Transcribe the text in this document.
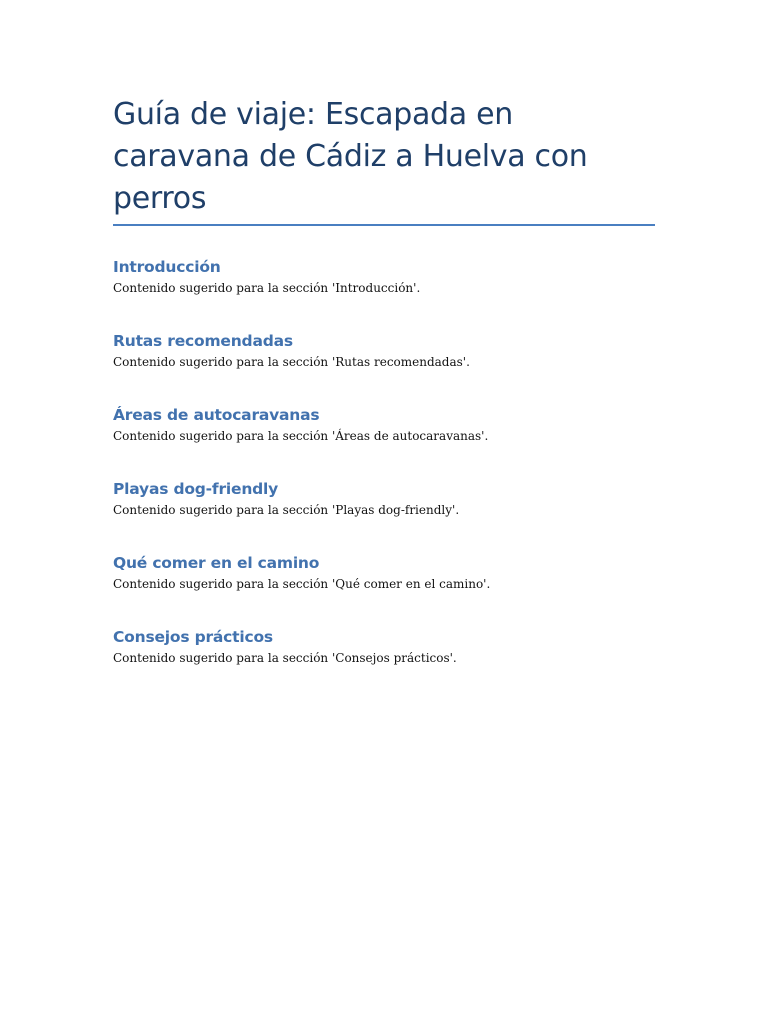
Guía de viaje: Escapada en caravana de Cádiz a Huelva con perros
Introducción

Contenido sugerido para la sección 'Introducción'.

Rutas recomendadas

Contenido sugerido para la sección 'Rutas recomendadas'.

Áreas de autocaravanas

Contenido sugerido para la sección 'Áreas de autocaravanas'.

Playas dog-friendly

Contenido sugerido para la sección 'Playas dog-friendly'.

Qué comer en el camino

Contenido sugerido para la sección 'Qué comer en el camino'.

Consejos prácticos

Contenido sugerido para la sección 'Consejos prácticos'.
